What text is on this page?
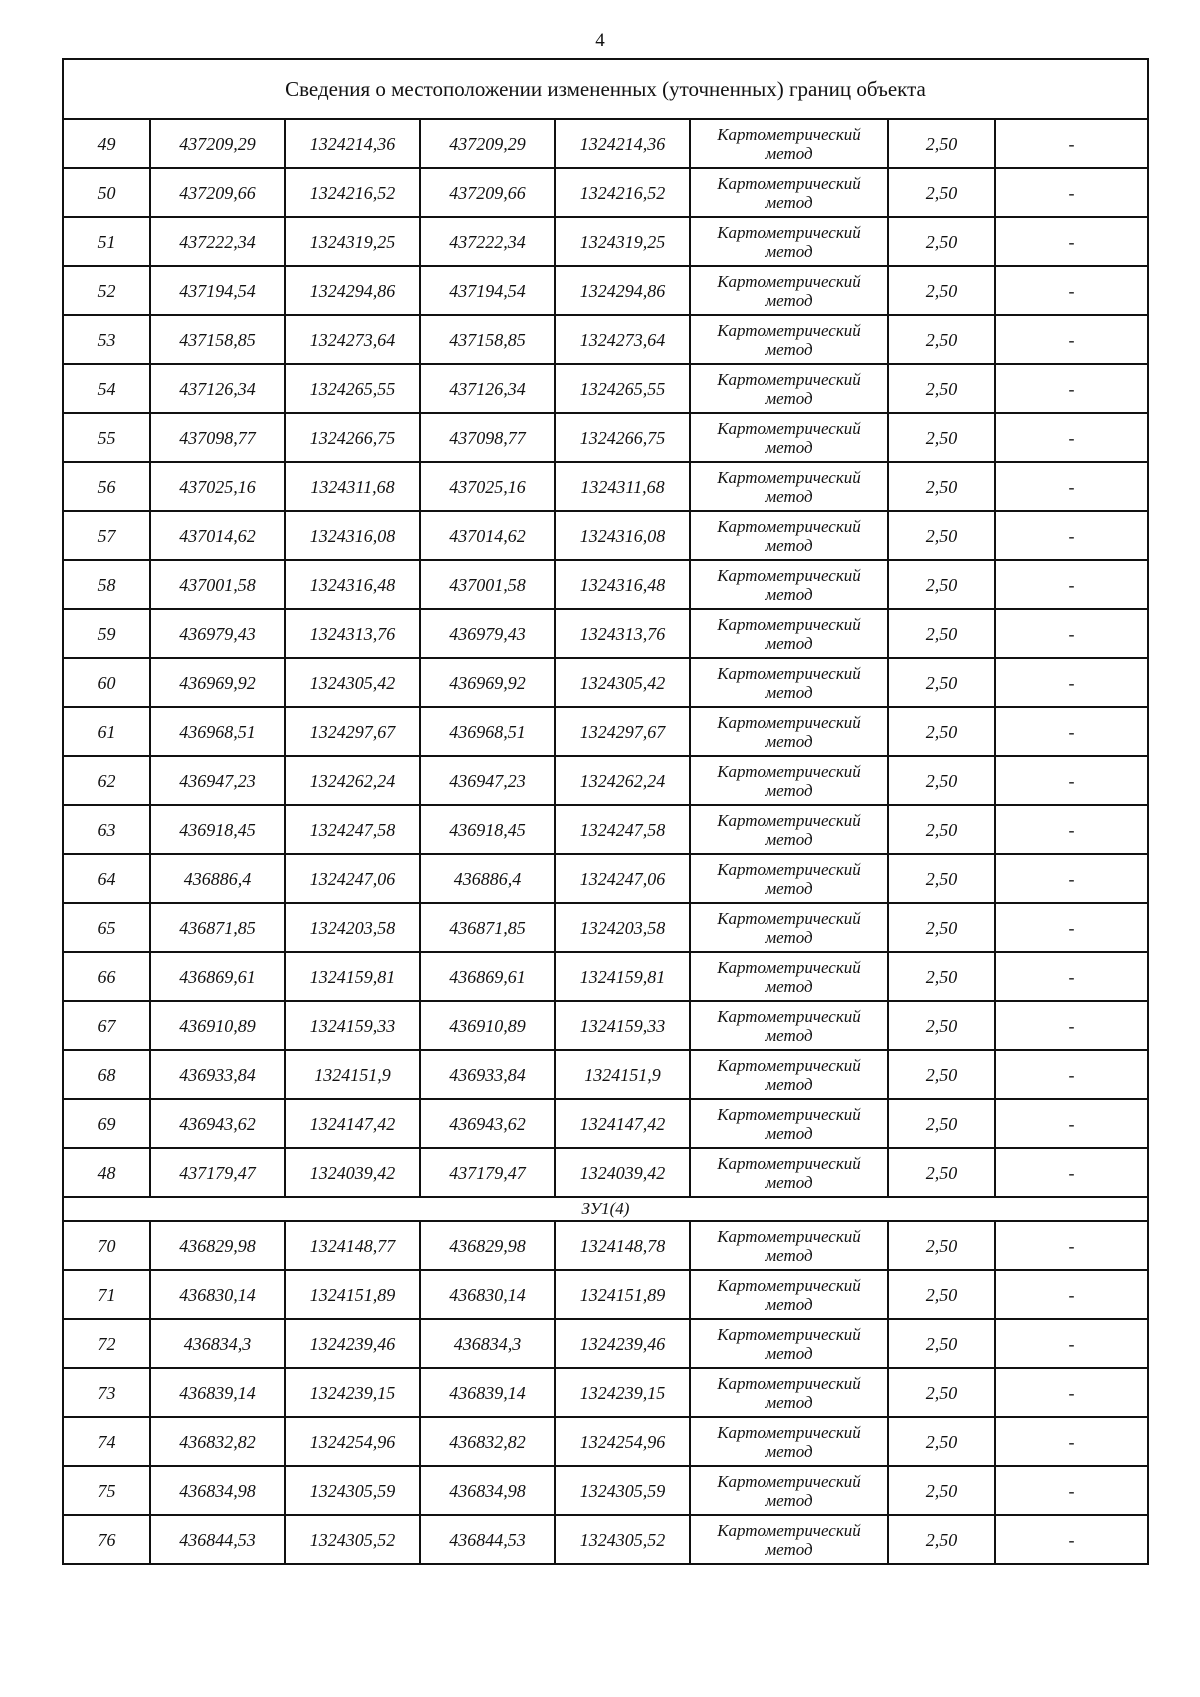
4
Сведения о местоположении измененных (уточненных) границ объекта							
49	437209,29	1324214,36	437209,29	1324214,36	Картометрический
метод	2,50	-
50	437209,66	1324216,52	437209,66	1324216,52	Картометрический
метод	2,50	-
51	437222,34	1324319,25	437222,34	1324319,25	Картометрический
метод	2,50	-
52	437194,54	1324294,86	437194,54	1324294,86	Картометрический
метод	2,50	-
53	437158,85	1324273,64	437158,85	1324273,64	Картометрический
метод	2,50	-
54	437126,34	1324265,55	437126,34	1324265,55	Картометрический
метод	2,50	-
55	437098,77	1324266,75	437098,77	1324266,75	Картометрический
метод	2,50	-
56	437025,16	1324311,68	437025,16	1324311,68	Картометрический
метод	2,50	-
57	437014,62	1324316,08	437014,62	1324316,08	Картометрический
метод	2,50	-
58	437001,58	1324316,48	437001,58	1324316,48	Картометрический
метод	2,50	-
59	436979,43	1324313,76	436979,43	1324313,76	Картометрический
метод	2,50	-
60	436969,92	1324305,42	436969,92	1324305,42	Картометрический
метод	2,50	-
61	436968,51	1324297,67	436968,51	1324297,67	Картометрический
метод	2,50	-
62	436947,23	1324262,24	436947,23	1324262,24	Картометрический
метод	2,50	-
63	436918,45	1324247,58	436918,45	1324247,58	Картометрический
метод	2,50	-
64	436886,4	1324247,06	436886,4	1324247,06	Картометрический
метод	2,50	-
65	436871,85	1324203,58	436871,85	1324203,58	Картометрический
метод	2,50	-
66	436869,61	1324159,81	436869,61	1324159,81	Картометрический
метод	2,50	-
67	436910,89	1324159,33	436910,89	1324159,33	Картометрический
метод	2,50	-
68	436933,84	1324151,9	436933,84	1324151,9	Картометрический
метод	2,50	-
69	436943,62	1324147,42	436943,62	1324147,42	Картометрический
метод	2,50	-
48	437179,47	1324039,42	437179,47	1324039,42	Картометрический
метод	2,50	-
ЗУ1(4)							
70	436829,98	1324148,77	436829,98	1324148,78	Картометрический
метод	2,50	-
71	436830,14	1324151,89	436830,14	1324151,89	Картометрический
метод	2,50	-
72	436834,3	1324239,46	436834,3	1324239,46	Картометрический
метод	2,50	-
73	436839,14	1324239,15	436839,14	1324239,15	Картометрический
метод	2,50	-
74	436832,82	1324254,96	436832,82	1324254,96	Картометрический
метод	2,50	-
75	436834,98	1324305,59	436834,98	1324305,59	Картометрический
метод	2,50	-
76	436844,53	1324305,52	436844,53	1324305,52	Картометрический
метод	2,50	-
